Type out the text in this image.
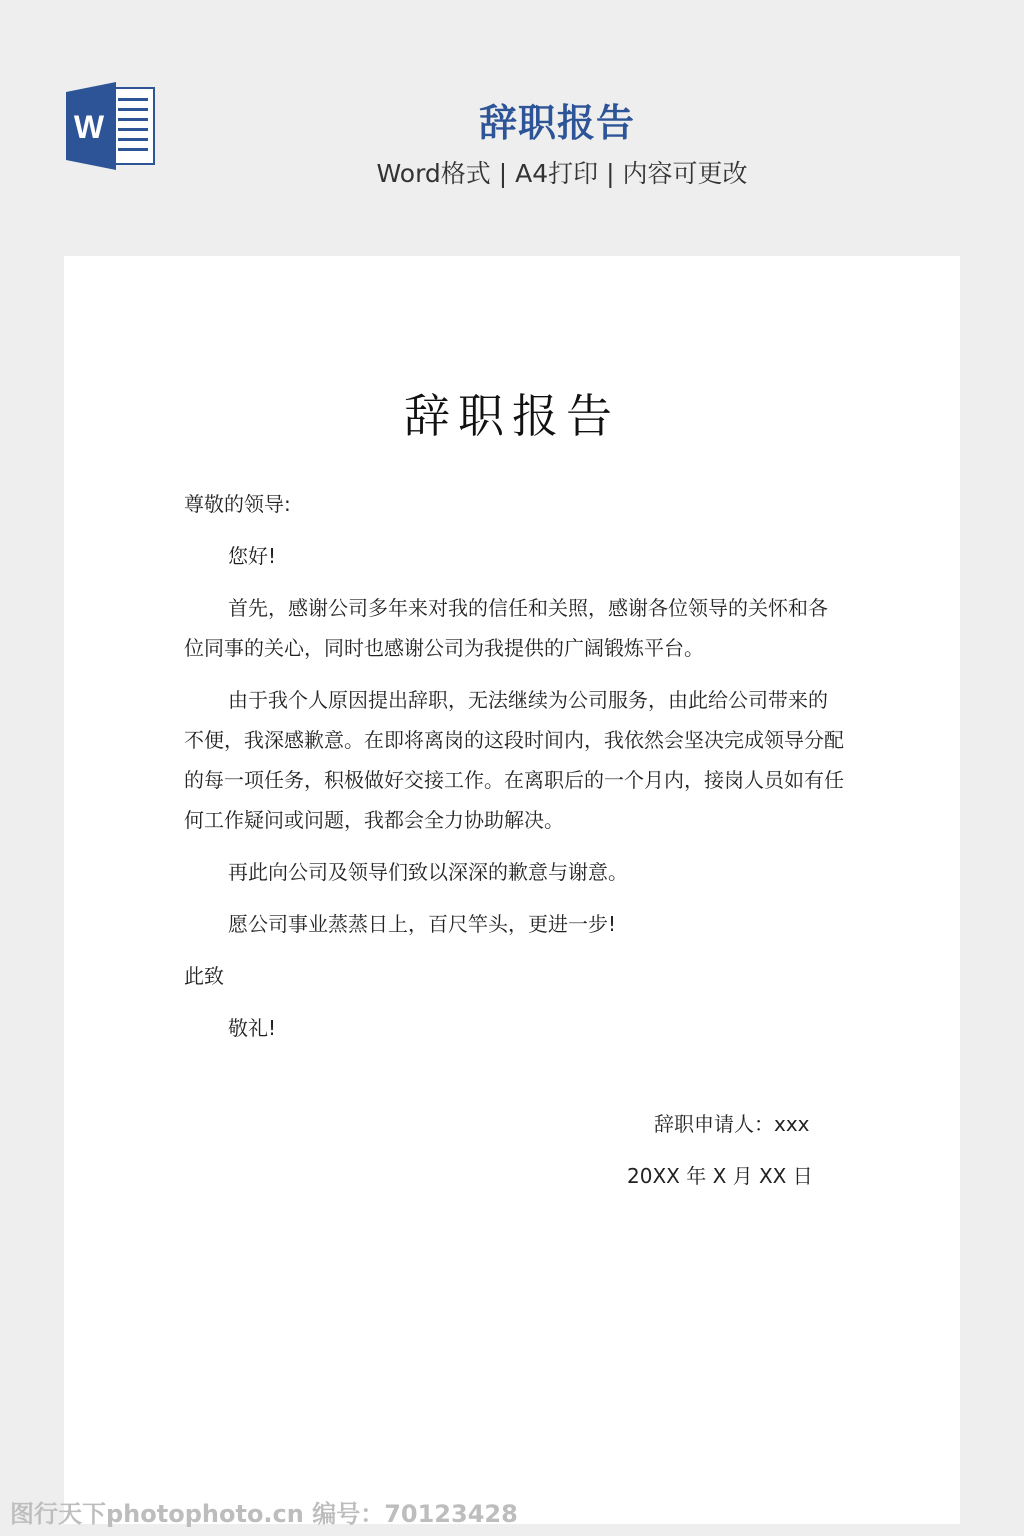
W	辞职报告
Word格式 | A4打印 | 内容可更改
辞职报告

尊敬的领导:

您好!

首先，感谢公司多年来对我的信任和关照，感谢各位领导的关怀和各位同事的关心，同时也感谢公司为我提供的广阔锻炼平台。

由于我个人原因提出辞职，无法继续为公司服务，由此给公司带来的不便，我深感歉意。在即将离岗的这段时间内，我依然会坚决完成领导分配的每一项任务，积极做好交接工作。在离职后的一个月内，接岗人员如有任何工作疑问或问题，我都会全力协助解决。

再此向公司及领导们致以深深的歉意与谢意。

愿公司事业蒸蒸日上，百尺竿头，更进一步!

此致

敬礼!

辞职申请人：xxx
20XX 年 X 月 XX 日
图行天下photophoto.cn 编号：70123428
